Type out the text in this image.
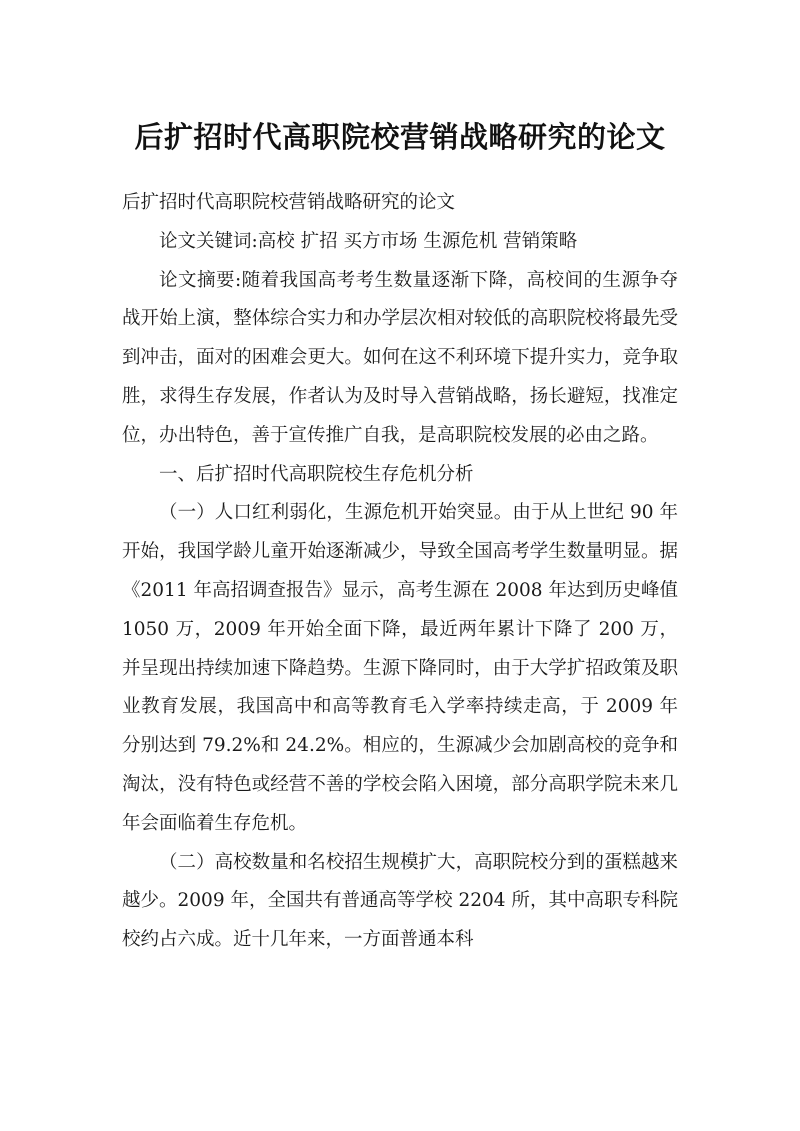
后扩招时代高职院校营销战略研究的论文

后扩招时代高职院校营销战略研究的论文

论文关键词:高校 扩招 买方市场 生源危机 营销策略

论文摘要:随着我国高考考生数量逐渐下降，高校间的生源争夺战开始上演，整体综合实力和办学层次相对较低的高职院校将最先受到冲击，面对的困难会更大。如何在这不利环境下提升实力，竞争取胜，求得生存发展，作者认为及时导入营销战略，扬长避短，找准定位，办出特色，善于宣传推广自我，是高职院校发展的必由之路。

一、后扩招时代高职院校生存危机分析

（一）人口红利弱化，生源危机开始突显。由于从上世纪 90 年开始，我国学龄儿童开始逐渐减少，导致全国高考学生数量明显。据《2011 年高招调查报告》显示，高考生源在 2008 年达到历史峰值 1050 万，2009 年开始全面下降，最近两年累计下降了 200 万，并呈现出持续加速下降趋势。生源下降同时，由于大学扩招政策及职业教育发展，我国高中和高等教育毛入学率持续走高，于 2009 年分别达到 79.2%和 24.2%。相应的，生源减少会加剧高校的竞争和淘汰，没有特色或经营不善的学校会陷入困境，部分高职学院未来几年会面临着生存危机。

（二）高校数量和名校招生规模扩大，高职院校分到的蛋糕越来越少。2009 年，全国共有普通高等学校 2204 所，其中高职专科院校约占六成。近十几年来，一方面普通本科
